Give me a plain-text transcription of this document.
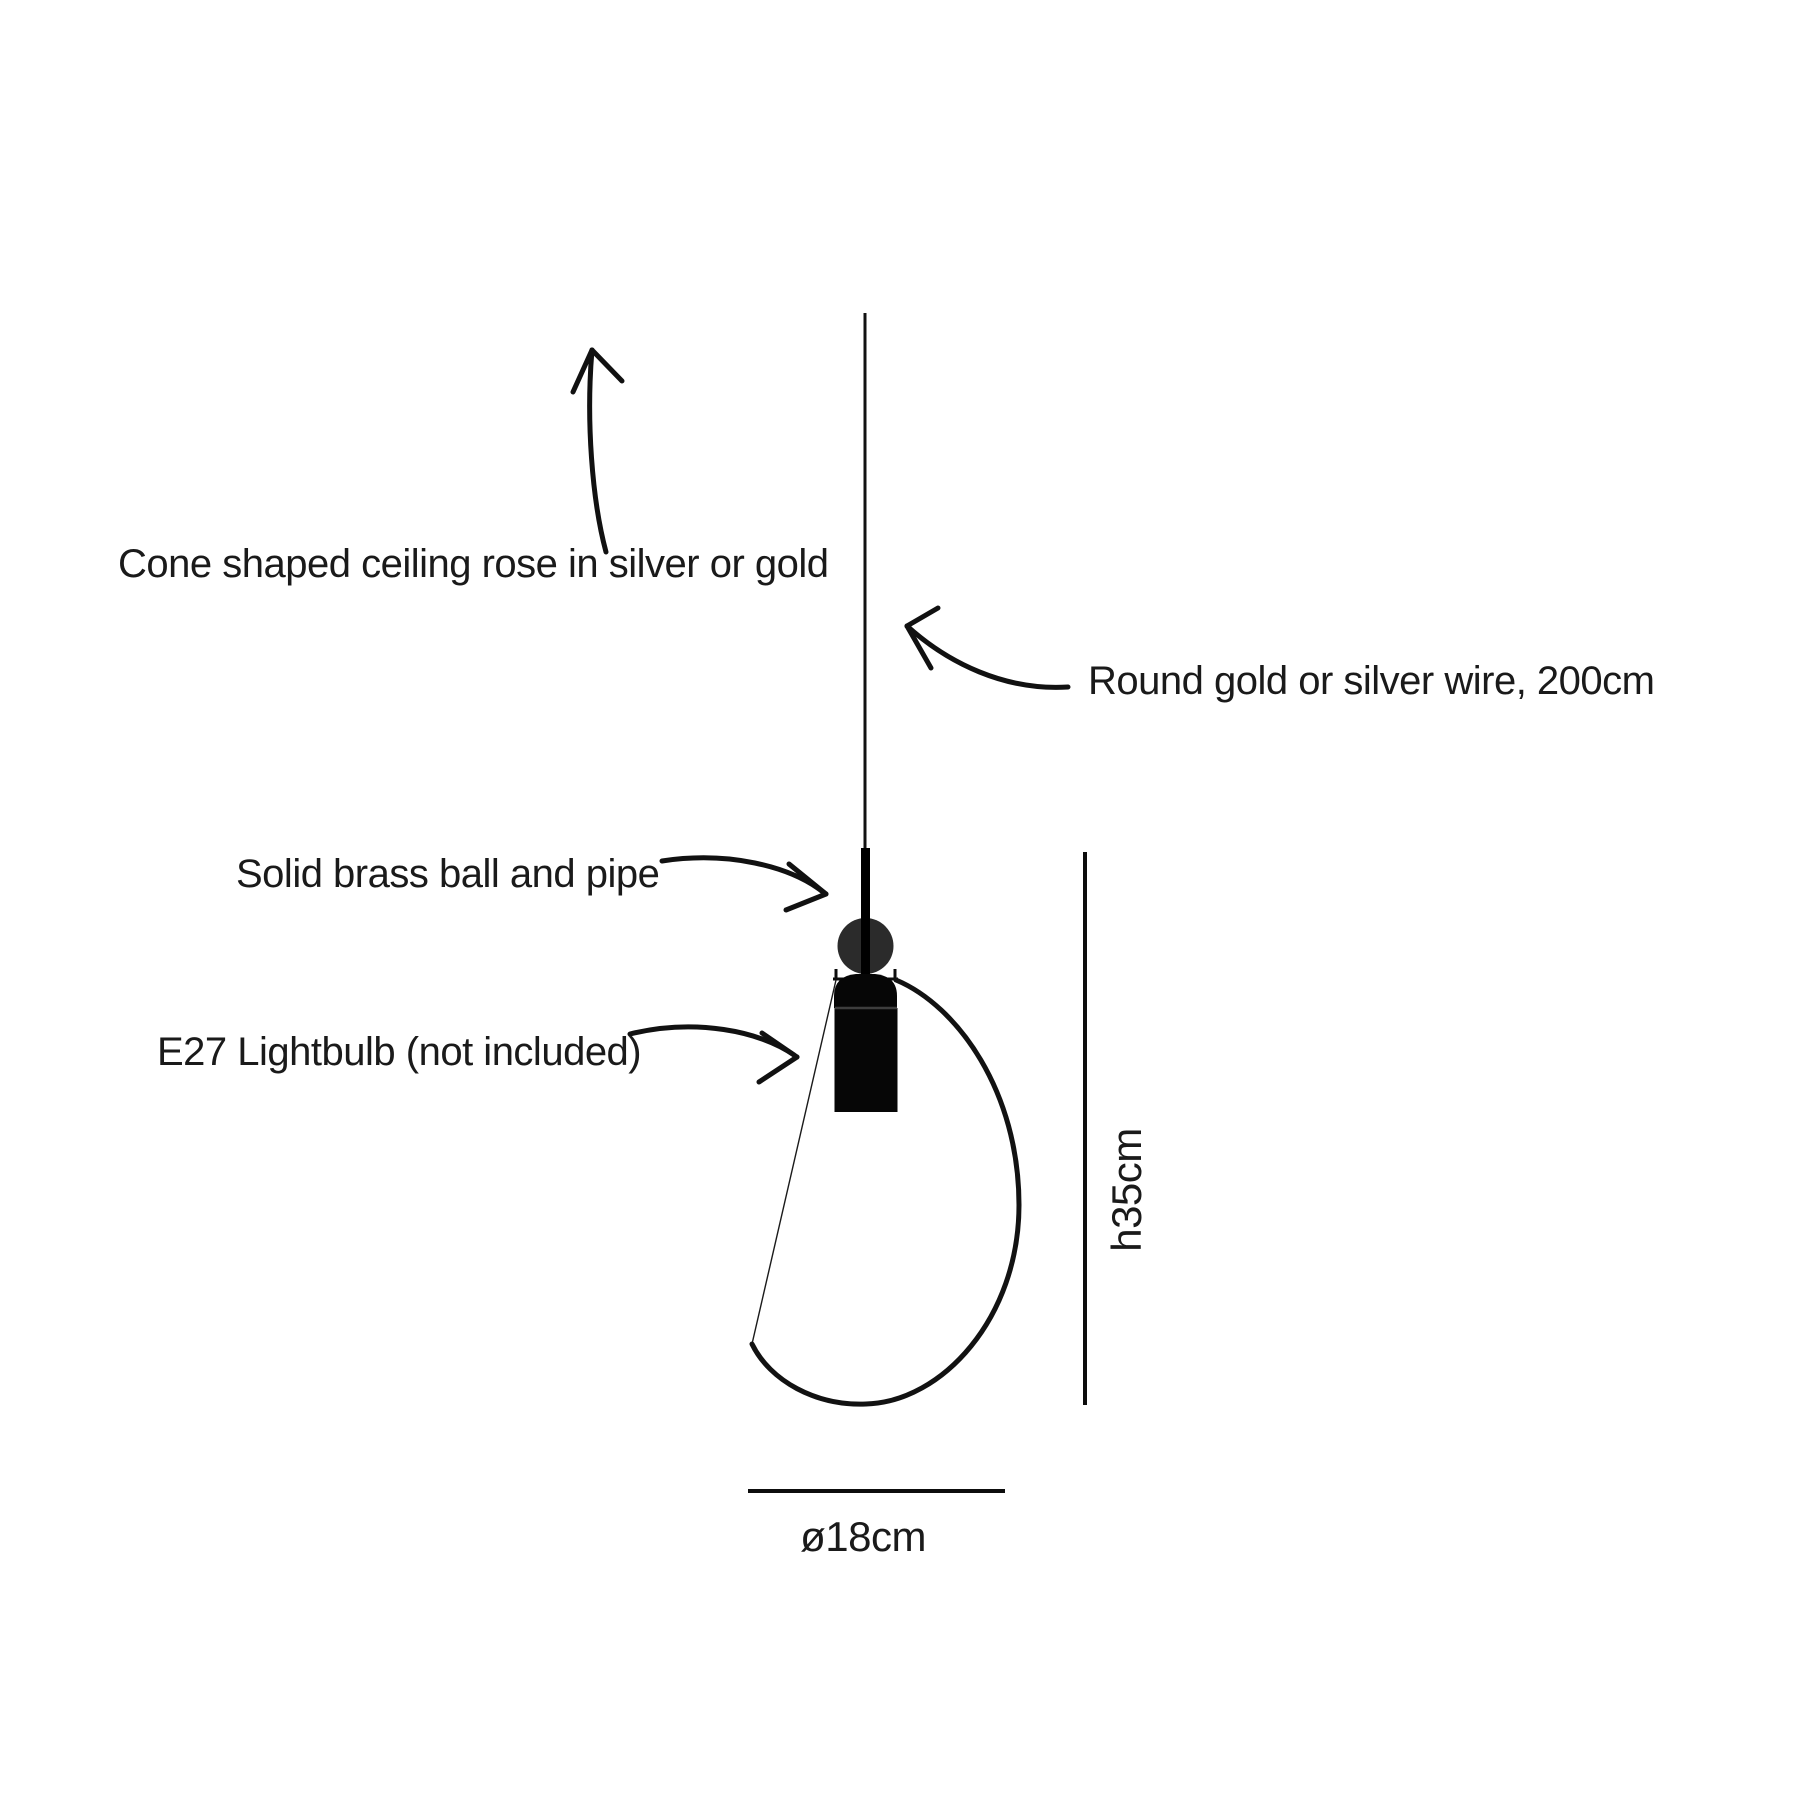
Cone shaped ceiling rose in silver or gold
Round gold or silver wire, 200cm
Solid brass ball and pipe
E27 Lightbulb (not included)
h35cm
ø18cm
